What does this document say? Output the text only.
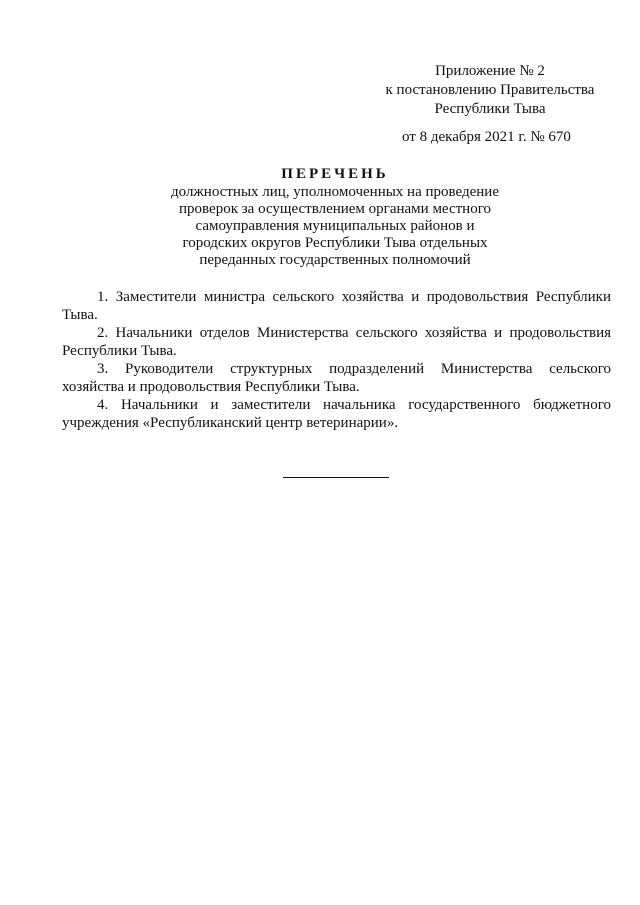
Приложение № 2
к постановлению Правительства
Республики Тыва
от 8 декабря 2021 г. № 670
ПЕРЕЧЕНЬ
должностных лиц, уполномоченных на проведение
проверок за осуществлением органами местного
самоуправления муниципальных районов и
городских округов Республики Тыва отдельных
переданных государственных полномочий
1. Заместители министра сельского хозяйства и продовольствия Республики Тыва.
2. Начальники отделов Министерства сельского хозяйства и продовольствия Республики Тыва.
3. Руководители структурных подразделений Министерства сельского хозяйства и продовольствия Республики Тыва.
4. Начальники и заместители начальника государственного бюджетного учреждения «Республиканский центр ветеринарии».
